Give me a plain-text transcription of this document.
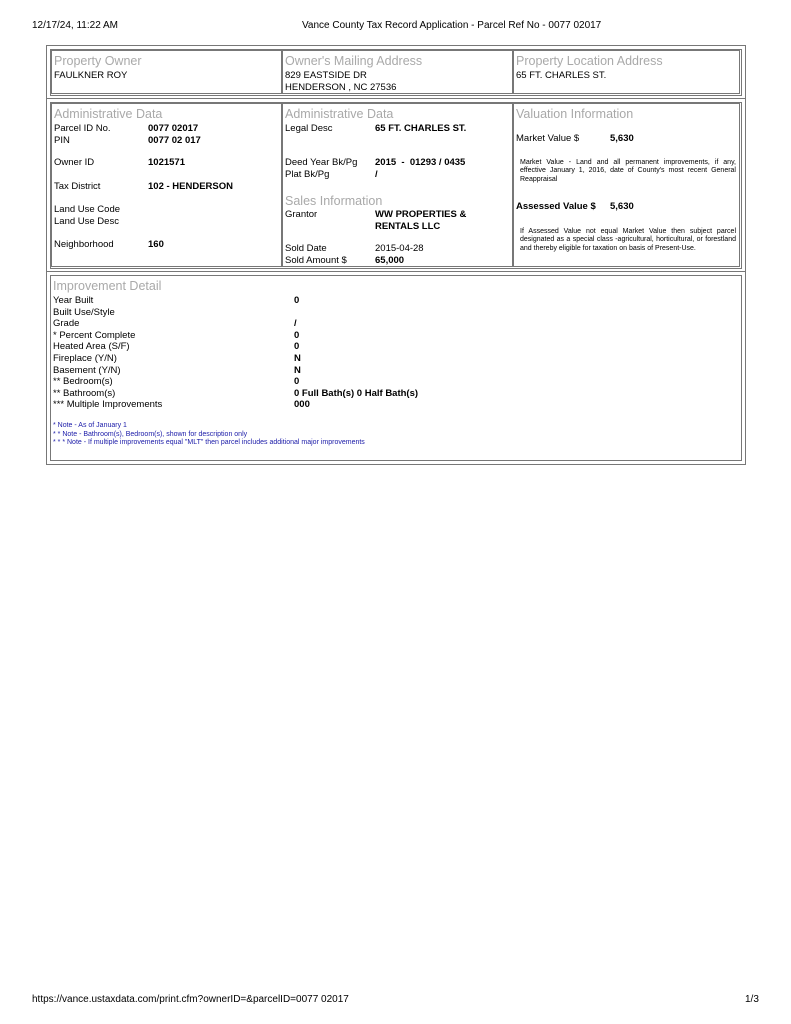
12/17/24, 11:22 AM	Vance County Tax Record Application - Parcel Ref No - 0077 02017
Property Owner
FAULKNER ROY
Owner's Mailing Address
829 EASTSIDE DR
HENDERSON , NC 27536
Property Location Address
65 FT. CHARLES ST.
Administrative Data
Parcel ID No.	0077 02017
PIN	0077 02 017
Owner ID	1021571
Tax District	102 - HENDERSON
Land Use Code
Land Use Desc
Neighborhood	160
Administrative Data
Legal Desc	65 FT. CHARLES ST.
Deed Year Bk/Pg 2015  -  01293 / 0435
Plat Bk/Pg	/
Sales Information
Grantor	WW PROPERTIES &
RENTALS LLC
Sold Date	2015-04-28
Sold Amount $	65,000
Valuation Information
Market Value $	5,630
Market Value - Land and all permanent improvements, if any, effective January 1, 2016, date of County's most recent General Reappraisal
Assessed Value $ 5,630
If Assessed Value not equal Market Value then subject parcel designated as a special class -agricultural, horticultural, or forestland and thereby eligible for taxation on basis of Present-Use.
Improvement Detail
Year Built	0
Built Use/Style
Grade	/
* Percent Complete	0
Heated Area (S/F)	0
Fireplace (Y/N)	N
Basement (Y/N)	N
** Bedroom(s)	0
** Bathroom(s)	0 Full Bath(s) 0 Half Bath(s)
*** Multiple Improvements	000
* Note - As of January 1
* * Note - Bathroom(s), Bedroom(s), shown for description only
* * * Note - If multiple improvements equal "MLT" then parcel includes additional major improvements
https://vance.ustaxdata.com/print.cfm?ownerID=&parcelID=0077 02017	1/3
